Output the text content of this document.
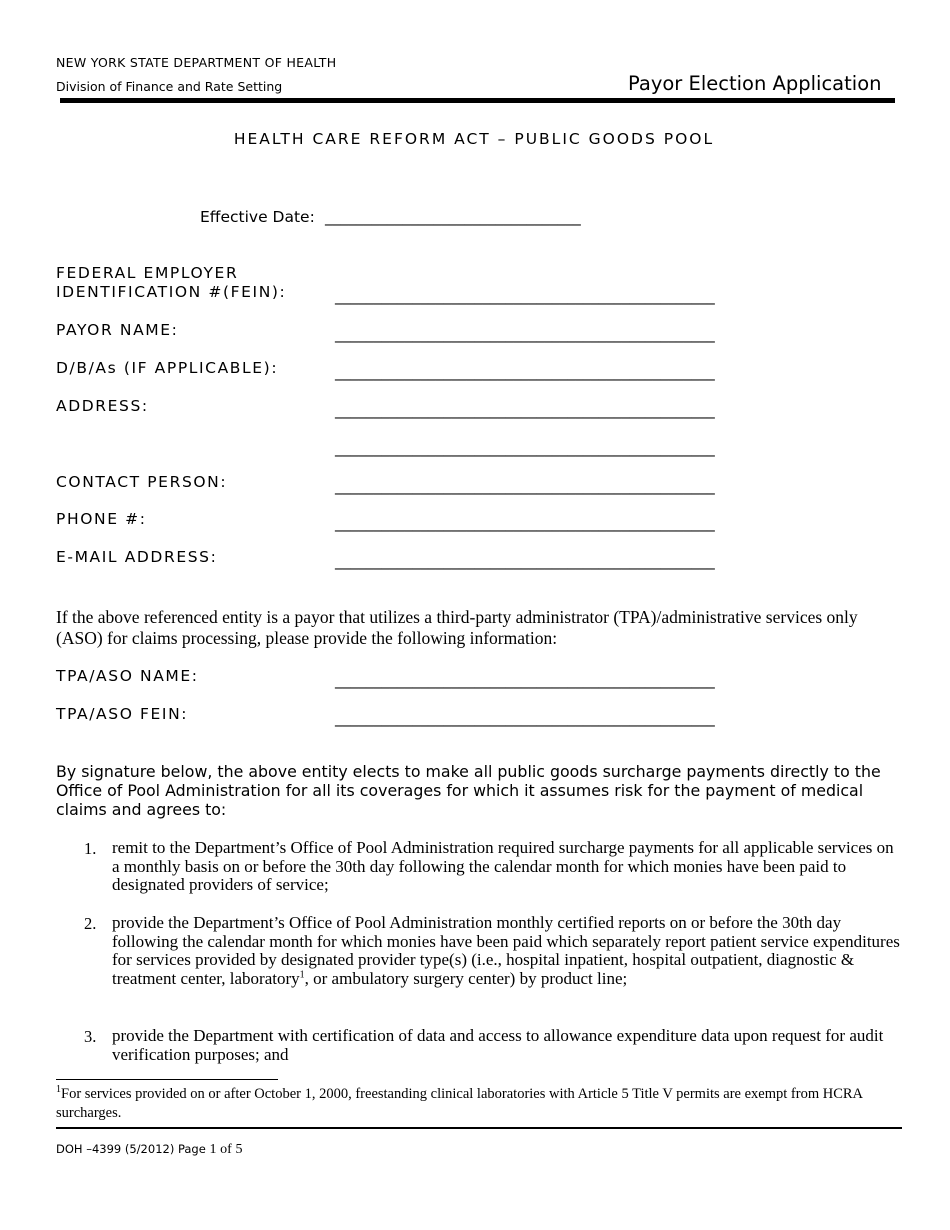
NEW YORK STATE DEPARTMENT OF HEALTH
Division of Finance and Rate Setting	Payor Election Application
HEALTH CARE REFORM ACT – PUBLIC GOODS POOL
Effective Date: _________________________________
FEDERAL EMPLOYER
IDENTIFICATION #(FEIN):	_________________________________________________
PAYOR NAME:	_________________________________________________
D/B/As (IF APPLICABLE):	_________________________________________________
ADDRESS:	_________________________________________________
_________________________________________________
CONTACT PERSON:	_________________________________________________
PHONE #:	_________________________________________________
E-MAIL ADDRESS:	_________________________________________________
If the above referenced entity is a payor that utilizes a third-party administrator (TPA)/administrative services only (ASO) for claims processing, please provide the following information:
TPA/ASO NAME:	_________________________________________________
TPA/ASO FEIN:	_________________________________________________
By signature below, the above entity elects to make all public goods surcharge payments directly to the Office of Pool Administration for all its coverages for which it assumes risk for the payment of medical claims and agrees to:
1. remit to the Department’s Office of Pool Administration required surcharge payments for all applicable services on a monthly basis on or before the 30th day following the calendar month for which monies have been paid to designated providers of service;
2. provide the Department’s Office of Pool Administration monthly certified reports on or before the 30th day following the calendar month for which monies have been paid which separately report patient service expenditures for services provided by designated provider type(s) (i.e., hospital inpatient, hospital outpatient, diagnostic & treatment center, laboratory$^1$, or ambulatory surgery center) by product line;
3. provide the Department with certification of data and access to allowance expenditure data upon request for audit verification purposes; and
$^1$For services provided on or after October 1, 2000, freestanding clinical laboratories with Article 5 Title V permits are exempt from HCRA surcharges.
DOH –4399 (5/2012) Page 1 of 5
